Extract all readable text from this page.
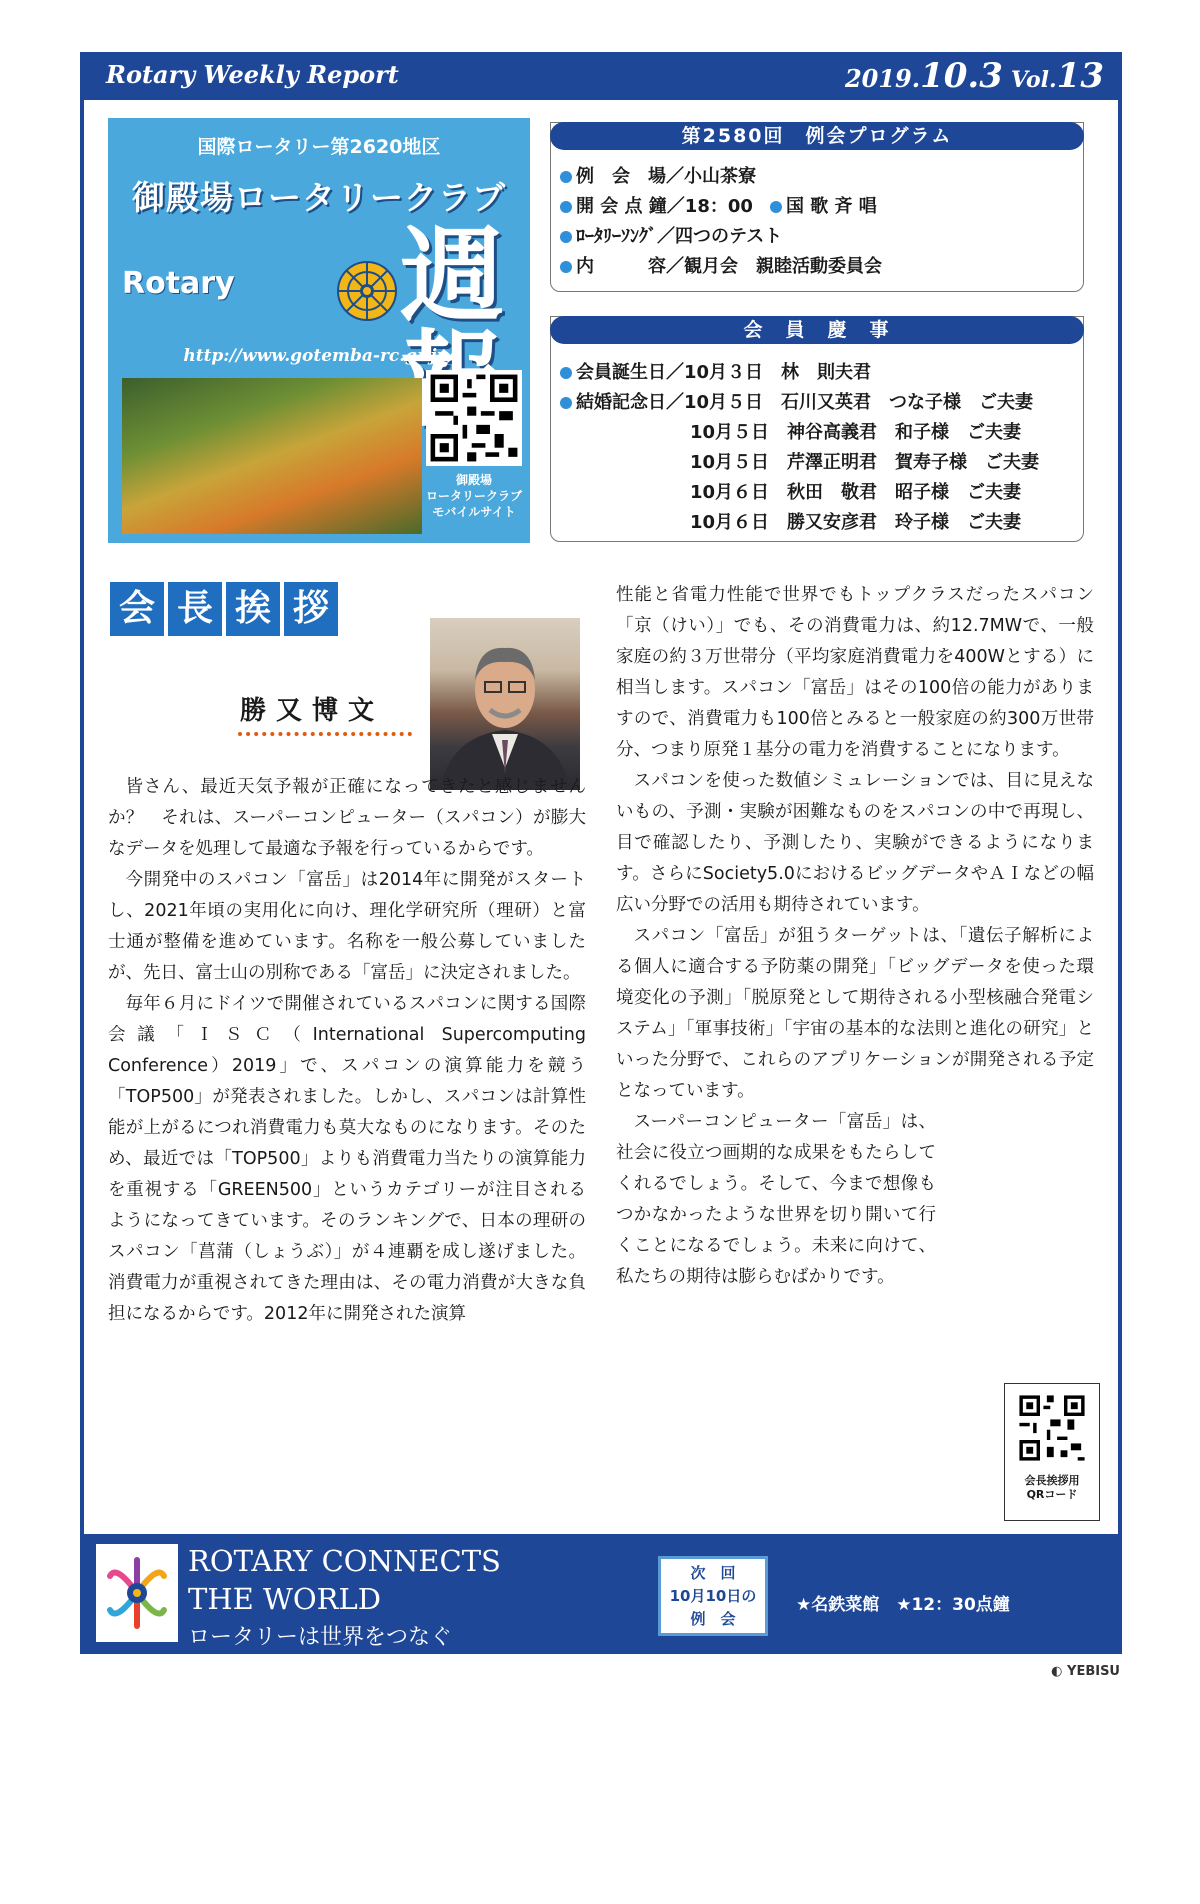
Rotary Weekly Report	2019.10.3 Vol.13
国際ロータリー第2620地区
御殿場ロータリークラブ
Rotary 週
http://www.gotemba-rc.gr.jp/
御殿場
ロータリークラブ
モバイルサイト
第2580回　例会プログラム
例　会　場／小山茶寮
開 会 点 鐘／18：00	国 歌 斉 唱
ﾛｰﾀﾘｰｿﾝｸﾞ／四つのテスト
内　　　容／観月会　親睦活動委員会
会　員　慶　事
会員誕生日／10月３日　林　則夫君
結婚記念日／10月５日　石川又英君　つな子様　ご夫妻
10月５日　神谷高義君　和子様　ご夫妻
10月５日　芹澤正明君　賀寿子様　ご夫妻
10月６日　秋田　敬君　昭子様　ご夫妻
10月６日　勝又安彦君　玲子様　ご夫妻
会 長 挨 拶
勝又博文

皆さん、最近天気予報が正確になってきたと感じませんか？　それは、スーパーコンピューター（スパコン）が膨大なデータを処理して最適な予報を行っているからです。

今開発中のスパコン「富岳」は2014年に開発がスタートし、2021年頃の実用化に向け、理化学研究所（理研）と富士通が整備を進めています。名称を一般公募していましたが、先日、富士山の別称である「富岳」に決定されました。

毎年６月にドイツで開催されているスパコンに関する国際会議「ＩＳＣ（International Supercomputing Conference）2019」で、スパコンの演算能力を競う「TOP500」が発表されました。しかし、スパコンは計算性能が上がるにつれ消費電力も莫大なものになります。そのため、最近では「TOP500」よりも消費電力当たりの演算能力を重視する「GREEN500」というカテゴリーが注目されるようになってきています。そのランキングで、日本の理研のスパコン「菖蒲（しょうぶ）」が４連覇を成し遂げました。消費電力が重視されてきた理由は、その電力消費が大きな負担になるからです。2012年に開発された演算

性能と省電力性能で世界でもトップクラスだったスパコン「京（けい）」でも、その消費電力は、約12.7MWで、一般家庭の約３万世帯分（平均家庭消費電力を400Wとする）に相当します。スパコン「富岳」はその100倍の能力がありますので、消費電力も100倍とみると一般家庭の約300万世帯分、つまり原発１基分の電力を消費することになります。

スパコンを使った数値シミュレーションでは、目に見えないもの、予測・実験が困難なものをスパコンの中で再現し、目で確認したり、予測したり、実験ができるようになります。さらにSociety5.0におけるビッグデータやＡＩなどの幅広い分野での活用も期待されています。

スパコン「富岳」が狙うターゲットは、「遺伝子解析による個人に適合する予防薬の開発」「ビッグデータを使った環境変化の予測」「脱原発として期待される小型核融合発電システム」「軍事技術」「宇宙の基本的な法則と進化の研究」といった分野で、これらのアプリケーションが開発される予定となっています。

スーパーコンピューター「富岳」は、社会に役立つ画期的な成果をもたらしてくれるでしょう。そして、今まで想像もつかなかったような世界を切り開いて行くことになるでしょう。未来に向けて、私たちの期待は膨らむばかりです。

会長挨拶用
QRコード
ROTARY CONNECTS
THE WORLD
ロータリーは世界をつなぐ
次　回
10月10日の
例　会

★名鉄菜館　★12：30点鐘

★経済と地域社会発展　月間卓話

　㈱リンガーハット富士小山工場長

　種川浩之様

◐ YEBISU
